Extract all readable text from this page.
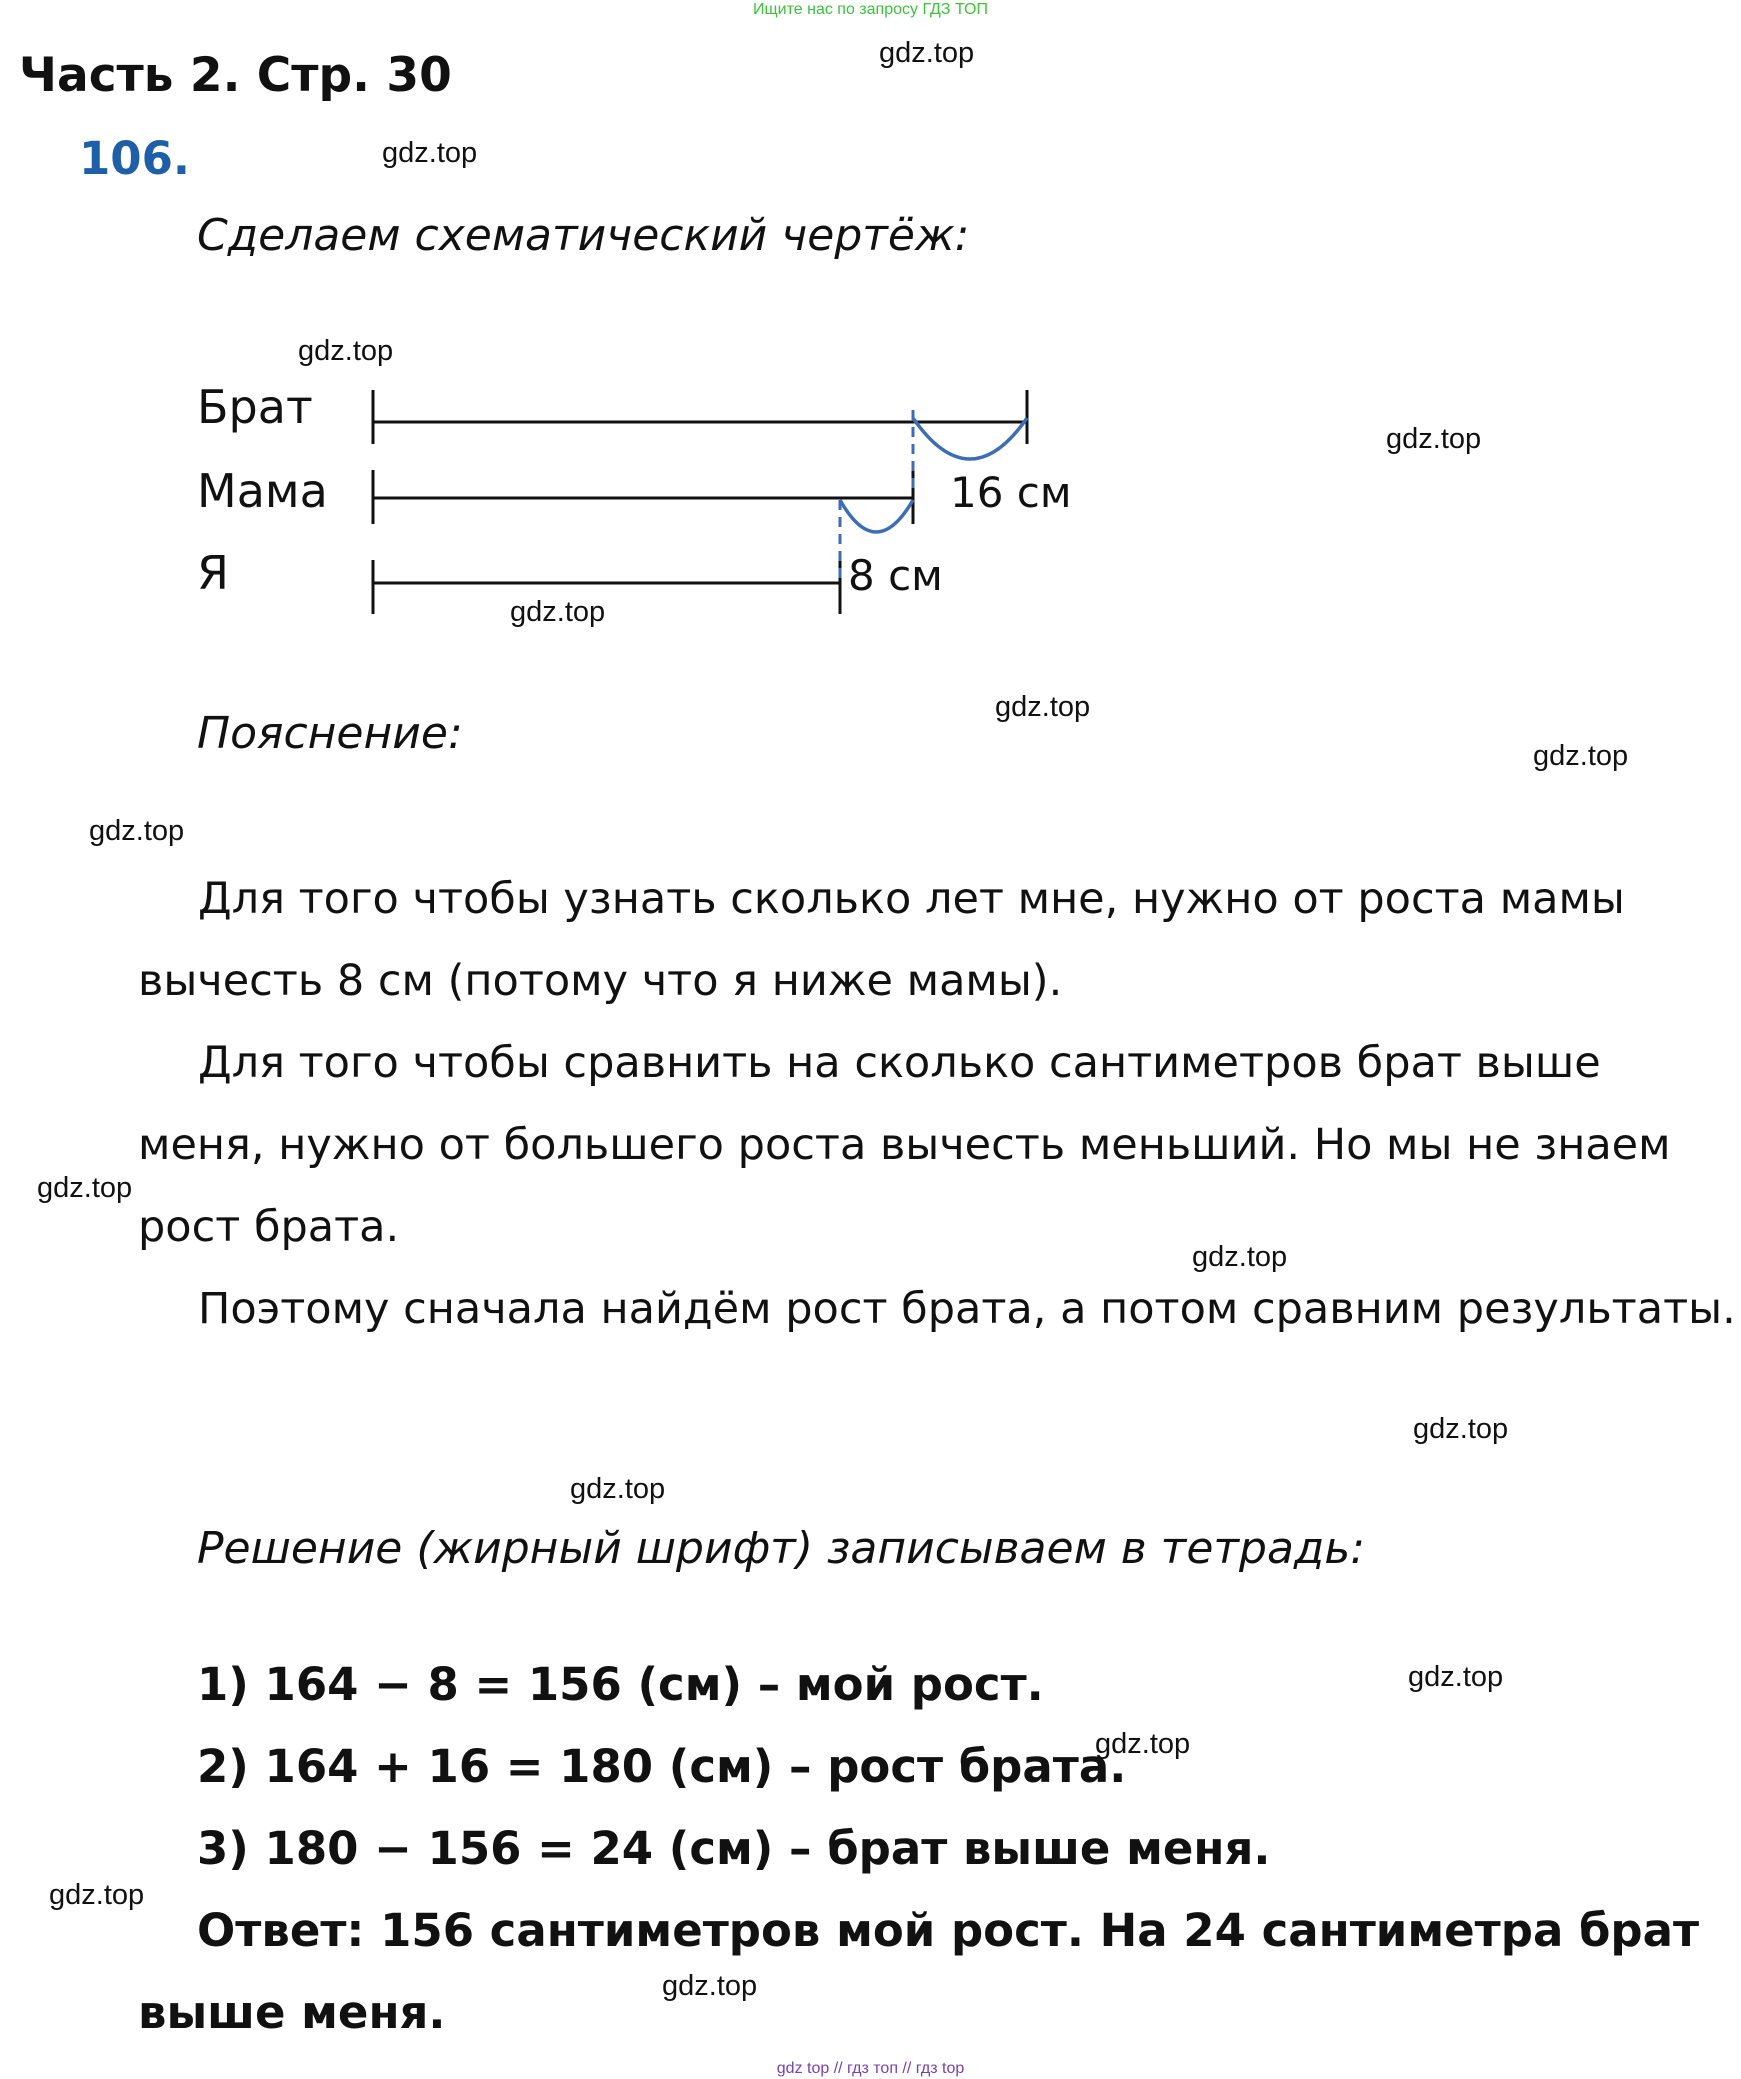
Ищите нас по запросу ГДЗ ТОП
gdz top // гдз топ // гдз top
Часть 2. Стр. 30
106.
Сделаем схематический чертёж:
Брат
Мама
Я
16 см
8 см
Пояснение:

Для того чтобы узнать сколько лет мне, нужно от роста мамы вычесть 8 см (потому что я ниже мамы).

Для того чтобы сравнить на сколько сантиметров брат выше меня, нужно от большего роста вычесть меньший. Но мы не знаем рост брата.

Поэтому сначала найдём рост брата, а потом сравним результаты.

Решение (жирный шрифт) записываем в тетрадь:
1) 164 − 8 = 156 (см) – мой рост.
2) 164 + 16 = 180 (см) – рост брата.
3) 180 − 156 = 24 (см) – брат выше меня.
Ответ: 156 сантиметров мой рост. На 24 сантиметра брат
выше меня.
gdz.top
gdz.top
gdz.top
gdz.top
gdz.top
gdz.top
gdz.top
gdz.top
gdz.top
gdz.top
gdz.top
gdz.top
gdz.top
gdz.top
gdz.top
gdz.top
